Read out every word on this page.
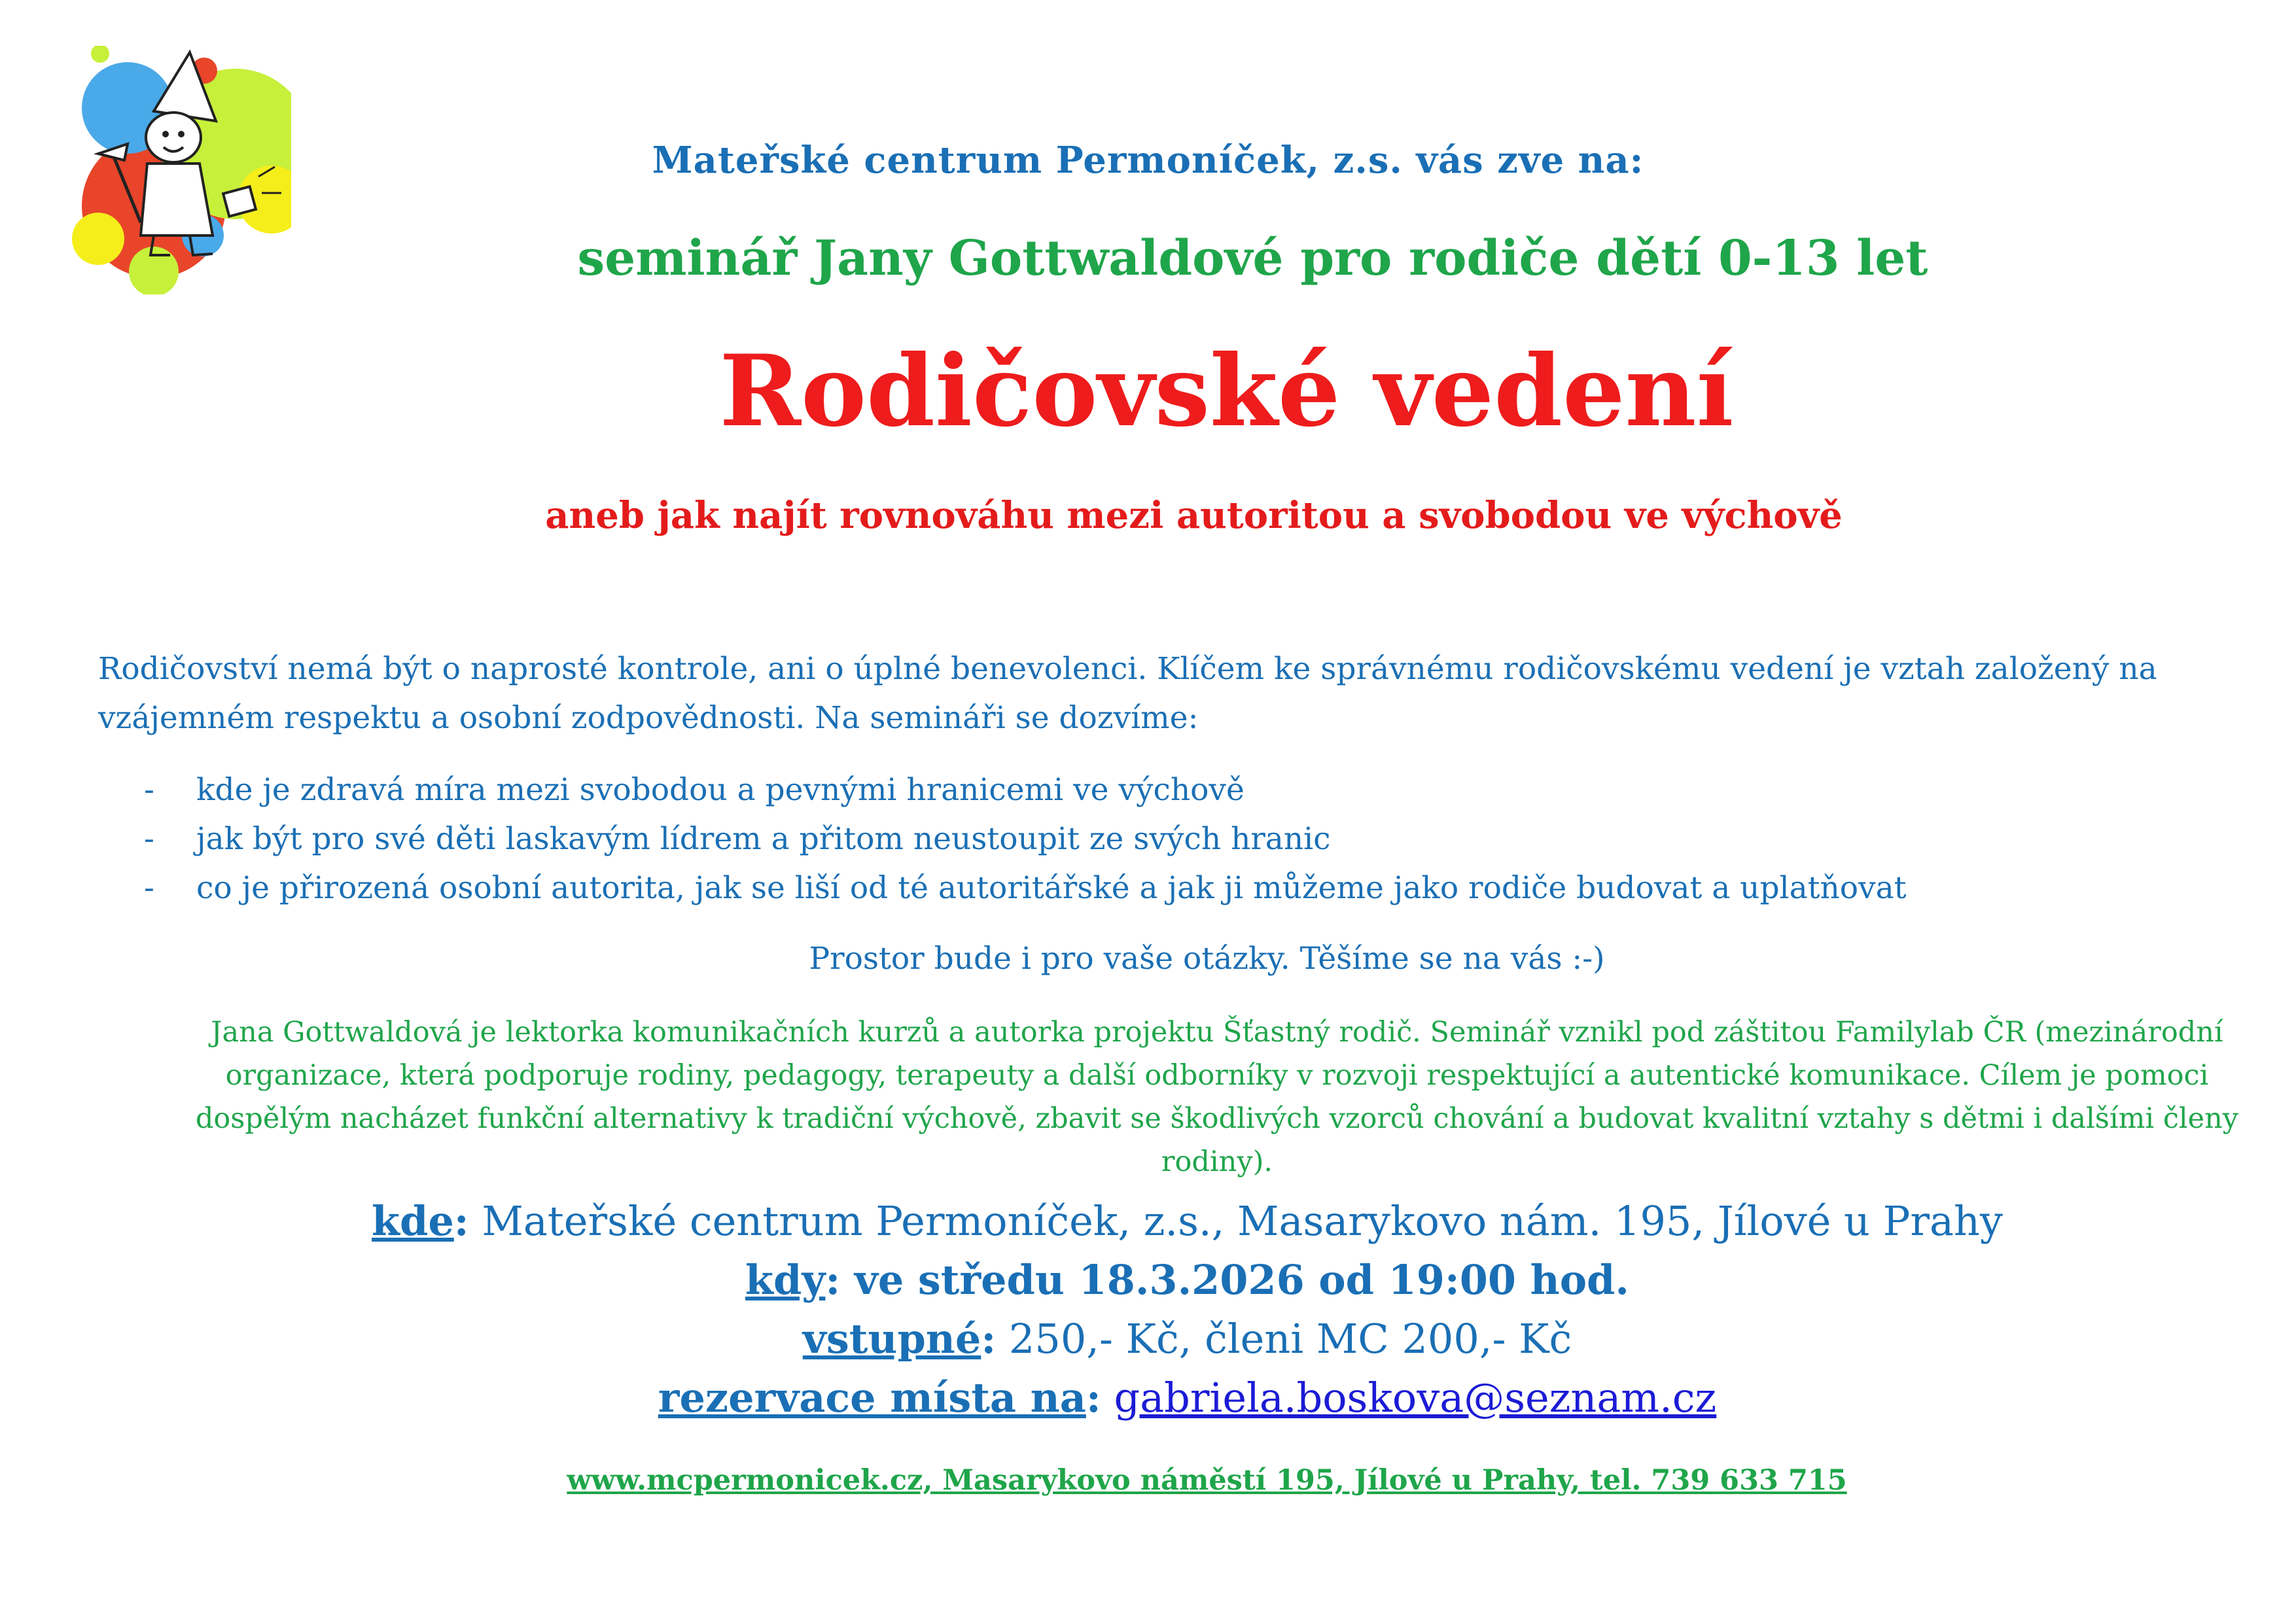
Mateřské centrum Permoníček, z.s. vás zve na:
seminář Jany Gottwaldové pro rodiče dětí 0-13 let
Rodičovské vedení
aneb jak najít rovnováhu mezi autoritou a svobodou ve výchově
Rodičovství nemá být o naprosté kontrole, ani o úplné benevolenci. Klíčem ke správnému rodičovskému vedení je vztah založený na vzájemném respektu a osobní zodpovědnosti. Na semináři se dozvíme:
- kde je zdravá míra mezi svobodou a pevnými hranicemi ve výchově
- jak být pro své děti laskavým lídrem a přitom neustoupit ze svých hranic
- co je přirozená osobní autorita, jak se liší od té autoritářské a jak ji můžeme jako rodiče budovat a uplatňovat
Prostor bude i pro vaše otázky. Těšíme se na vás :-)
Jana Gottwaldová je lektorka komunikačních kurzů a autorka projektu Šťastný rodič. Seminář vznikl pod záštitou Familylab ČR (mezinárodní organizace, která podporuje rodiny, pedagogy, terapeuty a další odborníky v rozvoji respektující a autentické komunikace. Cílem je pomoci dospělým nacházet funkční alternativy k tradiční výchově, zbavit se škodlivých vzorců chování a budovat kvalitní vztahy s dětmi i dalšími členy rodiny).
kde: Mateřské centrum Permoníček, z.s., Masarykovo nám. 195, Jílové u Prahy
kdy: ve středu 18.3.2026 od 19:00 hod.
vstupné: 250,- Kč, členi MC 200,- Kč
rezervace místa na: gabriela.boskova@seznam.cz
www.mcpermonicek.cz, Masarykovo náměstí 195, Jílové u Prahy, tel. 739 633 715
